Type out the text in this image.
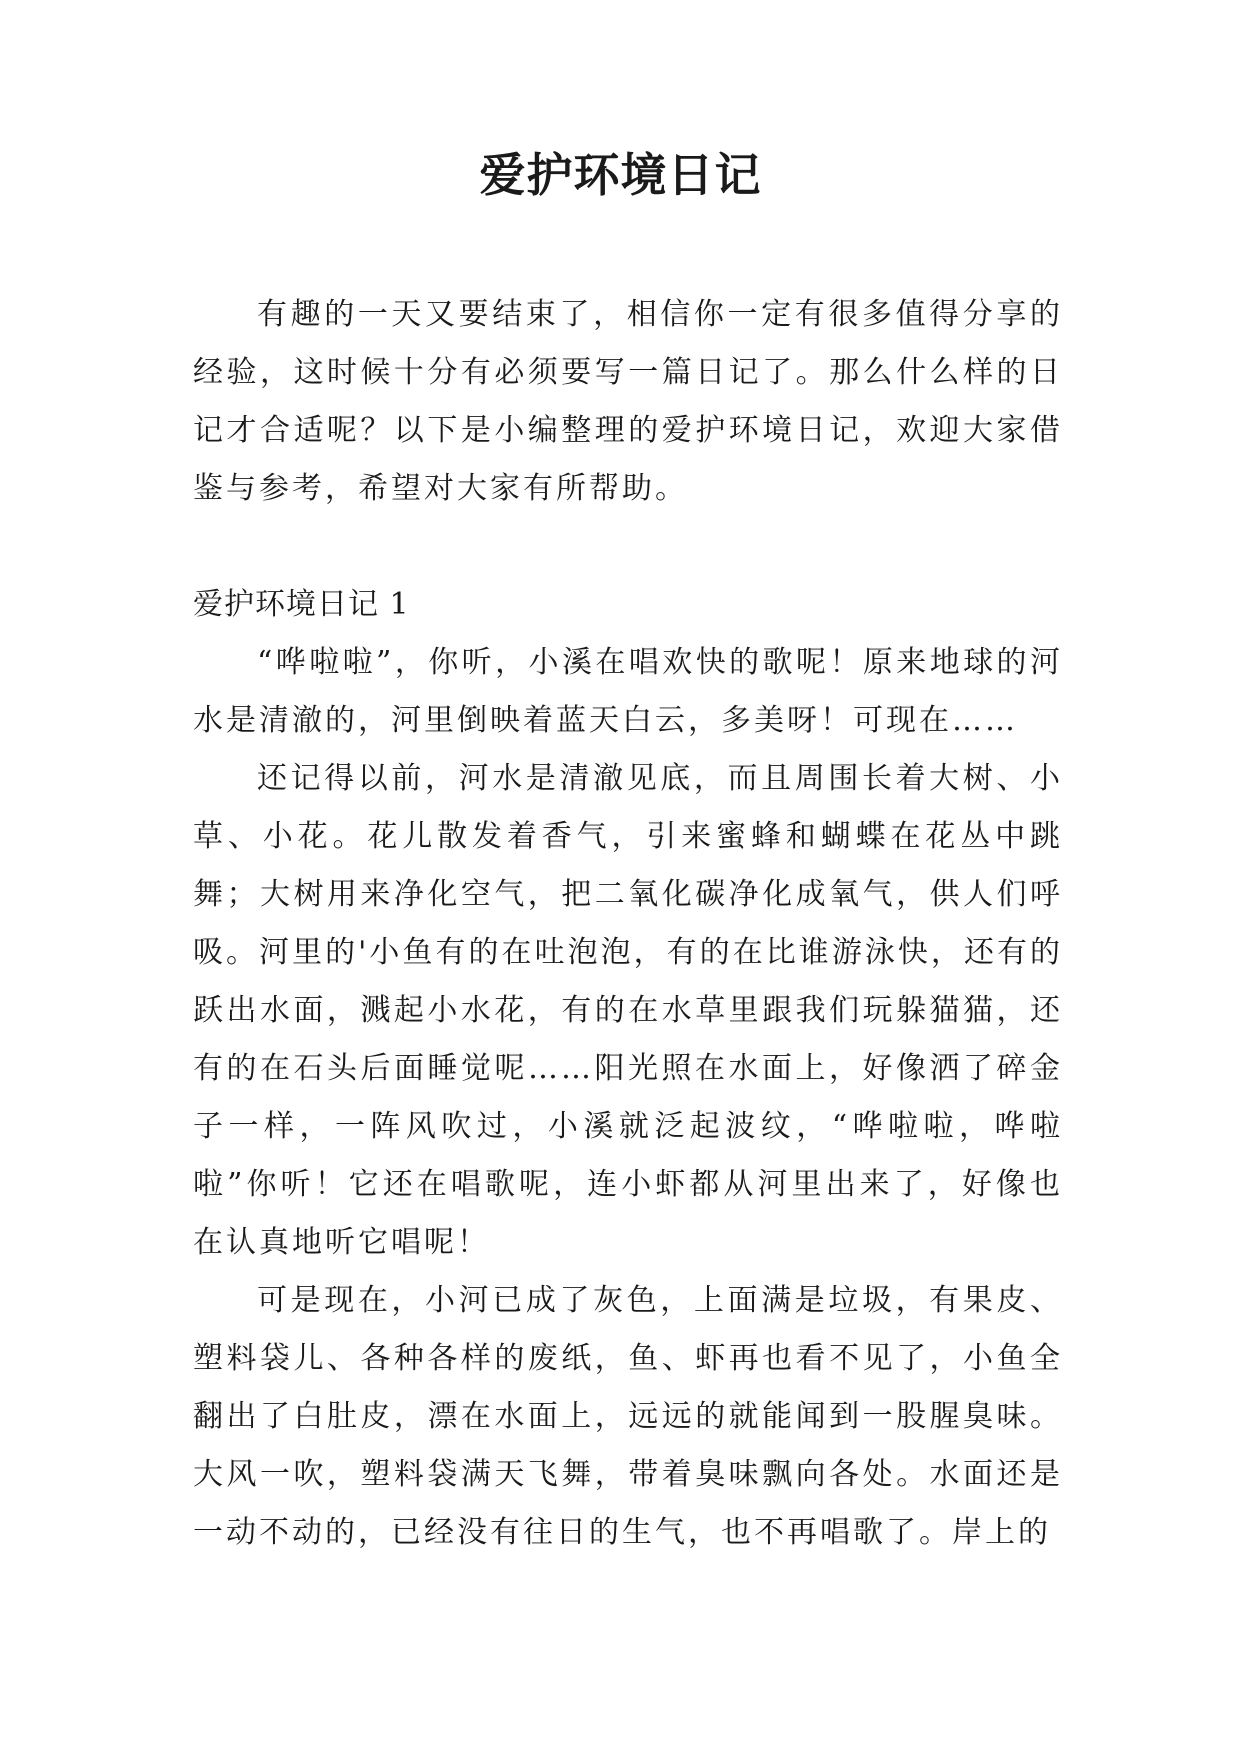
爱护环境日记

有趣的一天又要结束了，相信你一定有很多值得分享的经验，这时候十分有必须要写一篇日记了。那么什么样的日记才合适呢？以下是小编整理的爱护环境日记，欢迎大家借鉴与参考，希望对大家有所帮助。

爱护环境日记 1

“哗啦啦”，你听，小溪在唱欢快的歌呢！原来地球的河水是清澈的，河里倒映着蓝天白云，多美呀！可现在……

还记得以前，河水是清澈见底，而且周围长着大树、小草、小花。花儿散发着香气，引来蜜蜂和蝴蝶在花丛中跳舞；大树用来净化空气，把二氧化碳净化成氧气，供人们呼吸。河里的'小鱼有的在吐泡泡，有的在比谁游泳快，还有的跃出水面，溅起小水花，有的在水草里跟我们玩躲猫猫，还有的在石头后面睡觉呢……阳光照在水面上，好像洒了碎金子一样，一阵风吹过，小溪就泛起波纹，“哗啦啦，哗啦啦”你听！它还在唱歌呢，连小虾都从河里出来了，好像也在认真地听它唱呢！

可是现在，小河已成了灰色，上面满是垃圾，有果皮、塑料袋儿、各种各样的废纸，鱼、虾再也看不见了，小鱼全翻出了白肚皮，漂在水面上，远远的就能闻到一股腥臭味。大风一吹，塑料袋满天飞舞，带着臭味飘向各处。水面还是一动不动的，已经没有往日的生气，也不再唱歌了。岸上的
